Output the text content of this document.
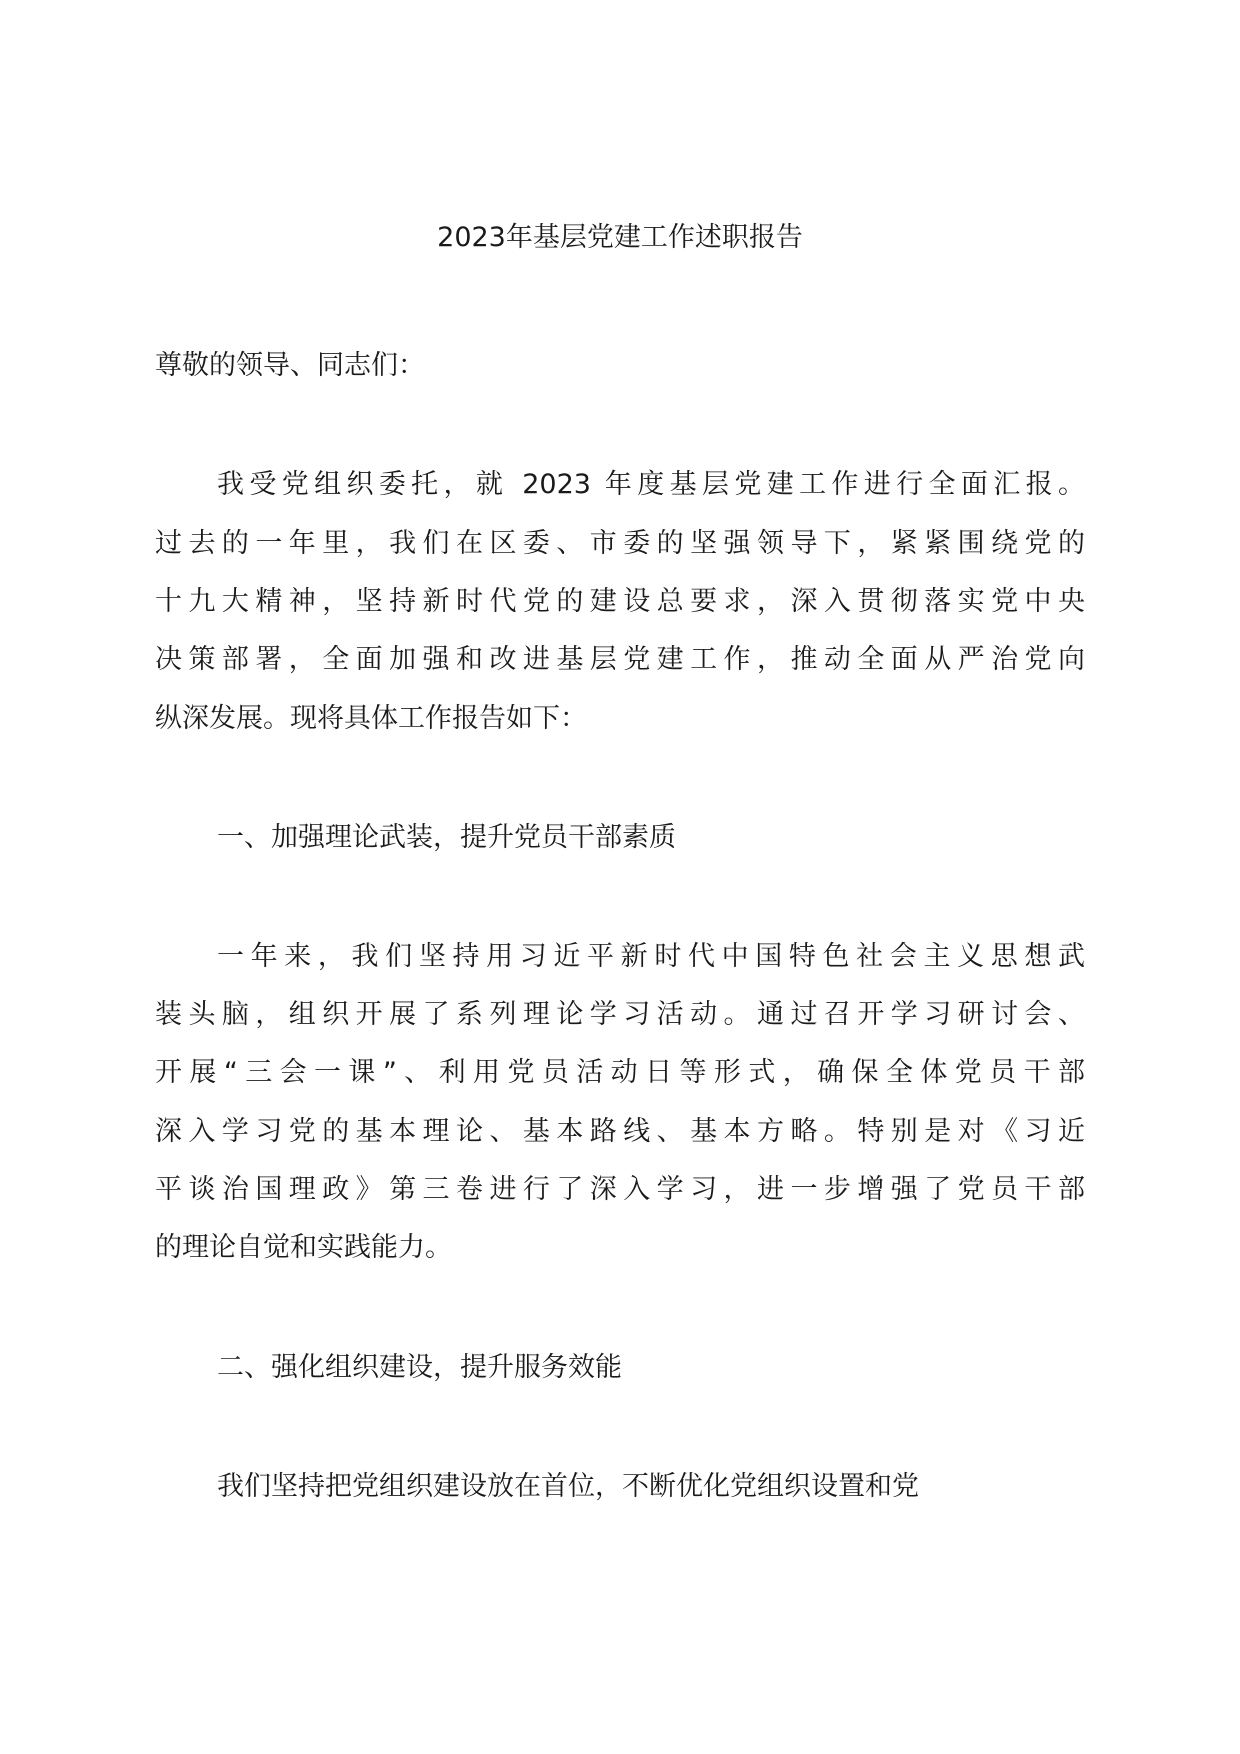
2023年基层党建工作述职报告
尊敬的领导、同志们：
我受党组织委托，就 2023 年度基层党建工作进行全面汇报。
过去的一年里，我们在区委、市委的坚强领导下，紧紧围绕党的
十九大精神，坚持新时代党的建设总要求，深入贯彻落实党中央
决策部署，全面加强和改进基层党建工作，推动全面从严治党向
纵深发展。现将具体工作报告如下：
一、加强理论武装，提升党员干部素质
一年来，我们坚持用习近平新时代中国特色社会主义思想武
装头脑，组织开展了系列理论学习活动。通过召开学习研讨会、
开展“三会一课”、利用党员活动日等形式，确保全体党员干部
深入学习党的基本理论、基本路线、基本方略。特别是对《习近
平谈治国理政》第三卷进行了深入学习，进一步增强了党员干部
的理论自觉和实践能力。
二、强化组织建设，提升服务效能
我们坚持把党组织建设放在首位，不断优化党组织设置和党
